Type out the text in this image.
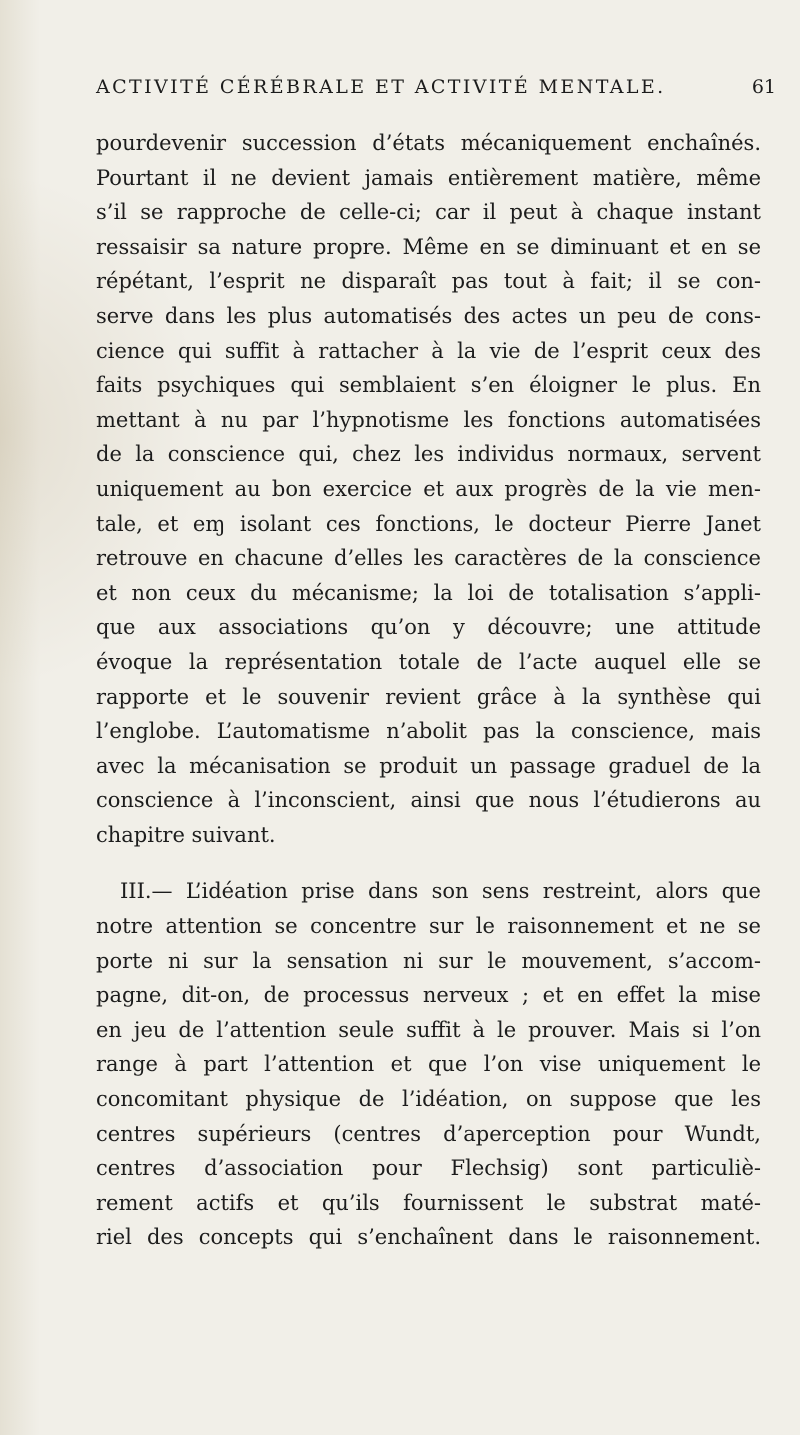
ACTIVITÉ CÉRÉBRALE ET ACTIVITÉ MENTALE.	61
pourdevenir succession d’états mécaniquement enchaînés.
Pourtant il ne devient jamais entièrement matière, même
s’il se rapproche de celle-ci; car il peut à chaque instant
ressaisir sa nature propre. Même en se diminuant et en se
répétant, l’esprit ne disparaît pas tout à fait; il se con-
serve dans les plus automatisés des actes un peu de cons-
cience qui suffit à rattacher à la vie de l’esprit ceux des
faits psychiques qui semblaient s’en éloigner le plus. En
mettant à nu par l’hypnotisme les fonctions automatisées
de la conscience qui, chez les individus normaux, servent
uniquement au bon exercice et aux progrès de la vie men-
tale, et eɱ isolant ces fonctions, le docteur Pierre Janet
retrouve en chacune d’elles les caractères de la conscience
et non ceux du mécanisme; la loi de totalisation s’appli-
que aux associations qu’on y découvre; une attitude
évoque la représentation totale de l’acte auquel elle se
rapporte et le souvenir revient grâce à la synthèse qui
l’englobe. L’automatisme n’abolit pas la conscience, mais
avec la mécanisation se produit un passage graduel de la
conscience à l’inconscient, ainsi que nous l’étudierons au
chapitre suivant.
III.— L’idéation prise dans son sens restreint, alors que
notre attention se concentre sur le raisonnement et ne se
porte ni sur la sensation ni sur le mouvement, s’accom-
pagne, dit-on, de processus nerveux ; et en effet la mise
en jeu de l’attention seule suffit à le prouver. Mais si l’on
range à part l’attention et que l’on vise uniquement le
concomitant physique de l’idéation, on suppose que les
centres supérieurs (centres d’aperception pour Wundt,
centres d’association pour Flechsig) sont particuliè-
rement actifs et qu’ils fournissent le substrat maté-
riel des concepts qui s’enchaînent dans le raisonnement.
